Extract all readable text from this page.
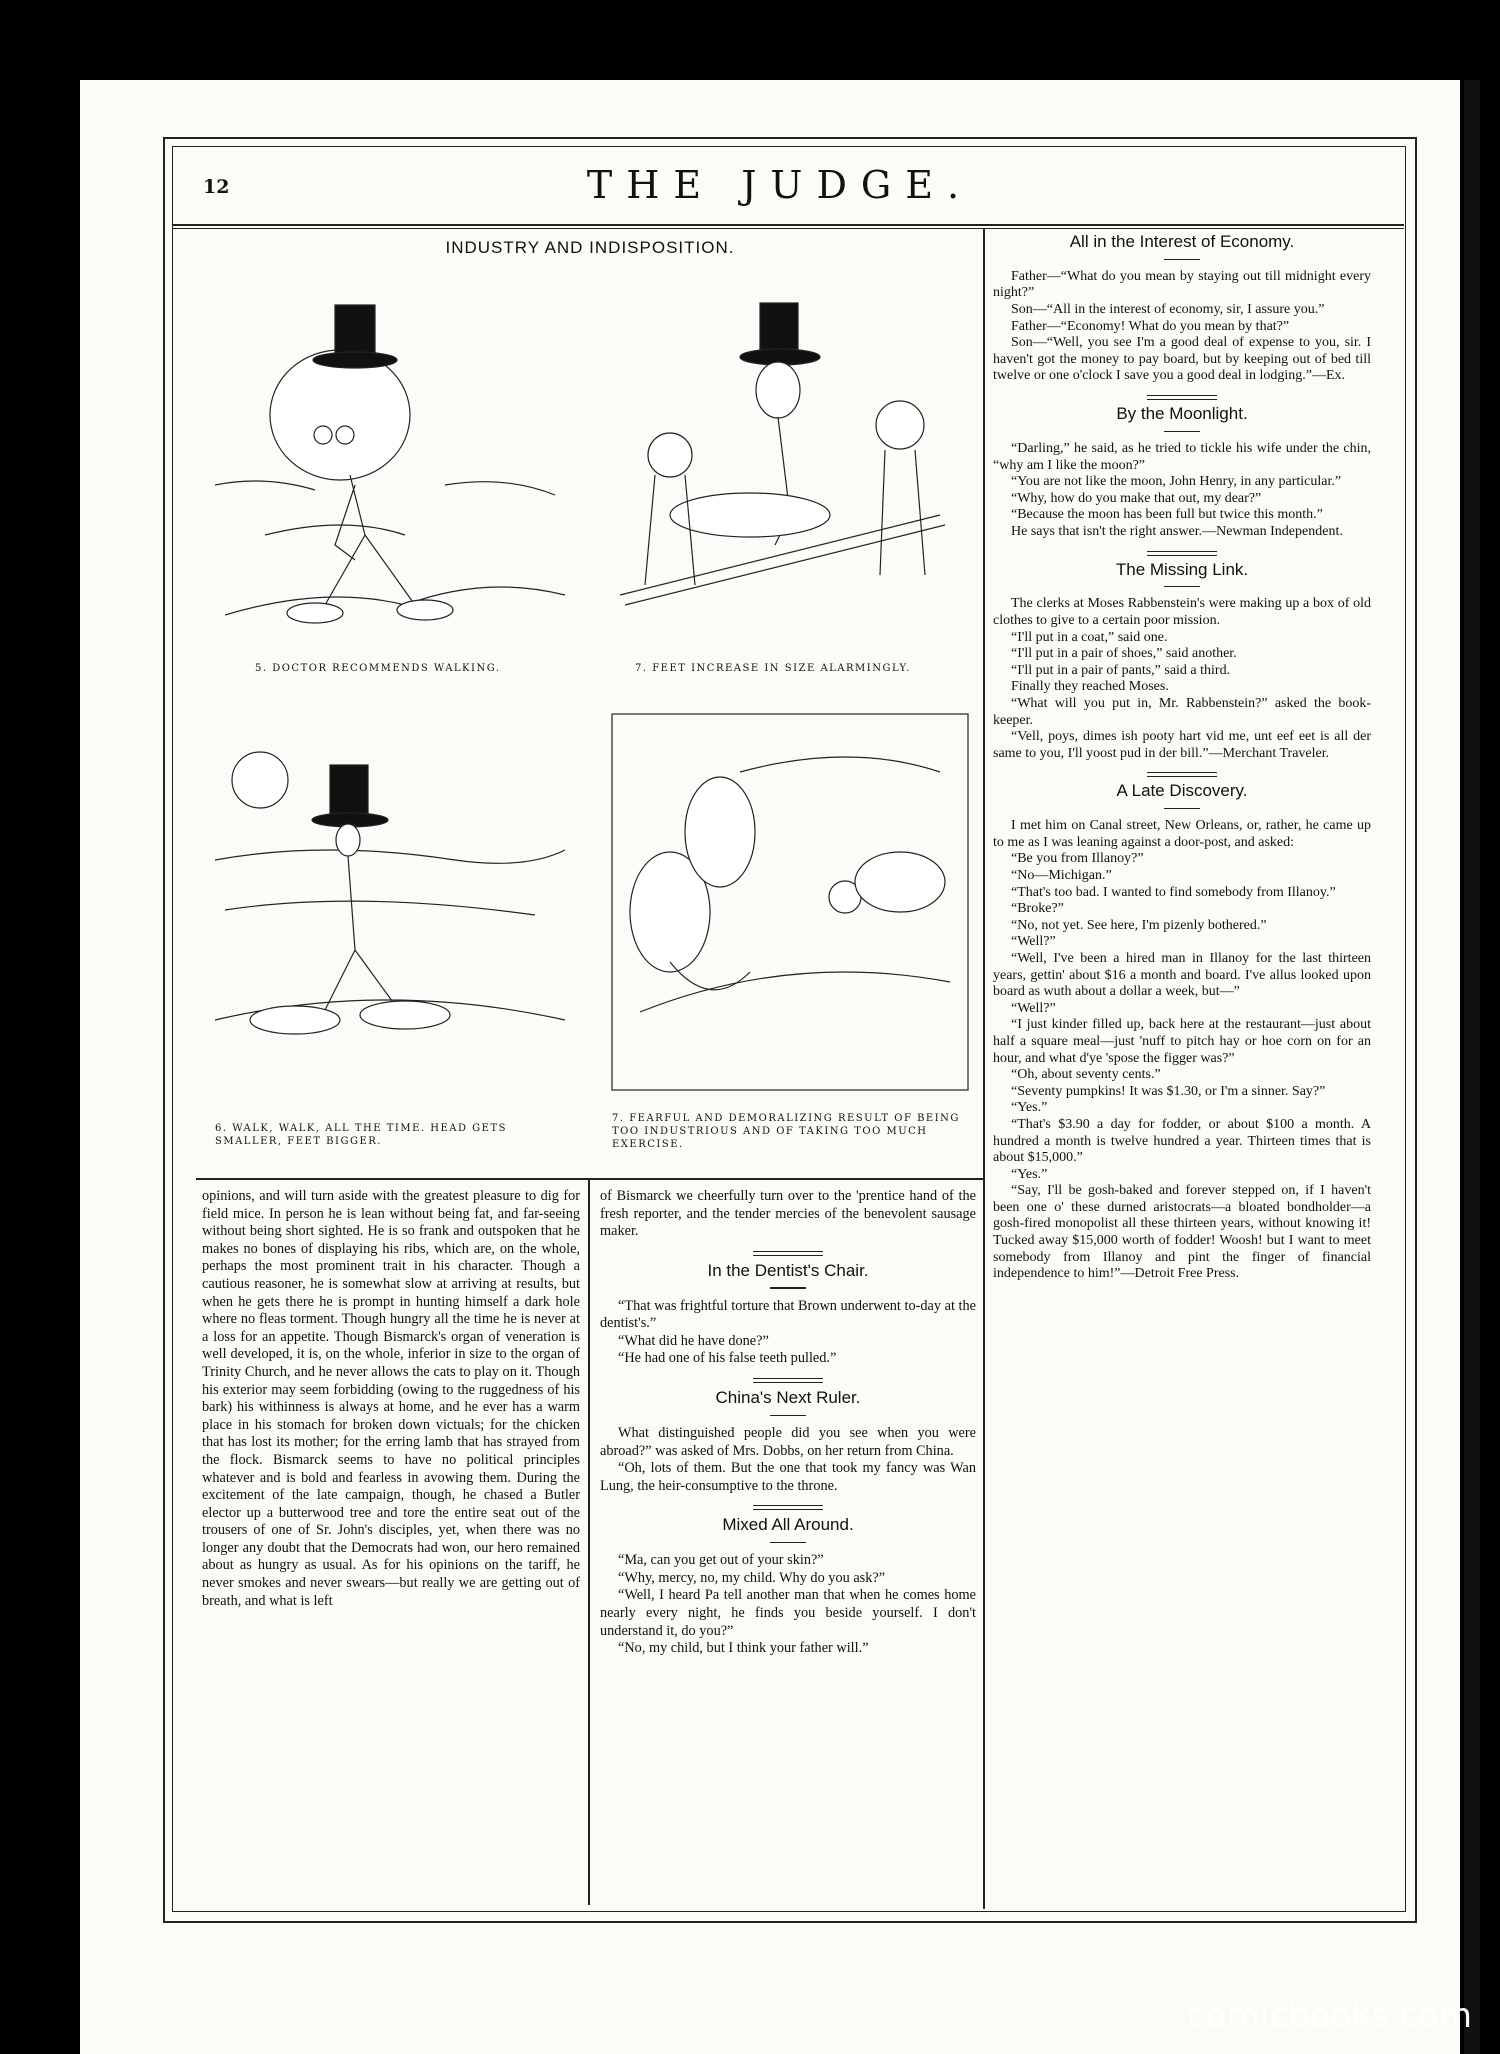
12	THE JUDGE.
INDUSTRY AND INDISPOSITION.
5. DOCTOR RECOMMENDS WALKING.	7. FEET INCREASE IN SIZE ALARMINGLY.
6. WALK, WALK, ALL THE TIME. HEAD GETS SMALLER, FEET BIGGER.
7. FEARFUL AND DEMORALIZING RESULT OF BEING TOO INDUSTRIOUS AND OF TAKING TOO MUCH EXERCISE.

opinions, and will turn aside with the greatest pleasure to dig for field mice. In person he is lean without being fat, and far-seeing without being short sighted. He is so frank and outspoken that he makes no bones of displaying his ribs, which are, on the whole, perhaps the most prominent trait in his character. Though a cautious reasoner, he is somewhat slow at arriving at results, but when he gets there he is prompt in hunting himself a dark hole where no fleas torment. Though hungry all the time he is never at a loss for an appetite. Though Bismarck's organ of veneration is well developed, it is, on the whole, inferior in size to the organ of Trinity Church, and he never allows the cats to play on it. Though his exterior may seem forbidding (owing to the ruggedness of his bark) his withinness is always at home, and he ever has a warm place in his stomach for broken down victuals; for the chicken that has lost its mother; for the erring lamb that has strayed from the flock. Bismarck seems to have no political principles whatever and is bold and fearless in avowing them. During the excitement of the late campaign, though, he chased a Butler elector up a butterwood tree and tore the entire seat out of the trousers of one of Sr. John's disciples, yet, when there was no longer any doubt that the Democrats had won, our hero remained about as hungry as usual. As for his opinions on the tariff, he never smokes and never swears—but really we are getting out of breath, and what is left

of Bismarck we cheerfully turn over to the 'prentice hand of the fresh reporter, and the tender mercies of the benevolent sausage maker.

In the Dentist's Chair.

“That was frightful torture that Brown underwent to-day at the dentist's.”

“What did he have done?”

“He had one of his false teeth pulled.”

China's Next Ruler.

What distinguished people did you see when you were abroad?” was asked of Mrs. Dobbs, on her return from China.

“Oh, lots of them. But the one that took my fancy was Wan Lung, the heir-consumptive to the throne.

Mixed All Around.

“Ma, can you get out of your skin?”

“Why, mercy, no, my child. Why do you ask?”

“Well, I heard Pa tell another man that when he comes home nearly every night, he finds you beside yourself. I don't understand it, do you?”

“No, my child, but I think your father will.”

All in the Interest of Economy.

Father—“What do you mean by staying out till midnight every night?”

Son—“All in the interest of economy, sir, I assure you.”

Father—“Economy! What do you mean by that?”

Son—“Well, you see I'm a good deal of expense to you, sir. I haven't got the money to pay board, but by keeping out of bed till twelve or one o'clock I save you a good deal in lodging.”—Ex.

By the Moonlight.

“Darling,” he said, as he tried to tickle his wife under the chin, “why am I like the moon?”

“You are not like the moon, John Henry, in any particular.”

“Why, how do you make that out, my dear?”

“Because the moon has been full but twice this month.”

He says that isn't the right answer.—Newman Independent.

The Missing Link.

The clerks at Moses Rabbenstein's were making up a box of old clothes to give to a certain poor mission.

“I'll put in a coat,” said one.

“I'll put in a pair of shoes,” said another.

“I'll put in a pair of pants,” said a third.

Finally they reached Moses.

“What will you put in, Mr. Rabbenstein?” asked the book-keeper.

“Vell, poys, dimes ish pooty hart vid me, unt eef eet is all der same to you, I'll yoost pud in der bill.”—Merchant Traveler.

A Late Discovery.

I met him on Canal street, New Orleans, or, rather, he came up to me as I was leaning against a door-post, and asked:

“Be you from Illanoy?”

“No—Michigan.”

“That's too bad. I wanted to find somebody from Illanoy.”

“Broke?”

“No, not yet. See here, I'm pizenly bothered.”

“Well?”

“Well, I've been a hired man in Illanoy for the last thirteen years, gettin' about $16 a month and board. I've allus looked upon board as wuth about a dollar a week, but—”

“Well?”

“I just kinder filled up, back here at the restaurant—just about half a square meal—just 'nuff to pitch hay or hoe corn on for an hour, and what d'ye 'spose the figger was?”

“Oh, about seventy cents.”

“Seventy pumpkins! It was $1.30, or I'm a sinner. Say?”

“Yes.”

“That's $3.90 a day for fodder, or about $100 a month. A hundred a month is twelve hundred a year. Thirteen times that is about $15,000.”

“Yes.”

“Say, I'll be gosh-baked and forever stepped on, if I haven't been one o' these durned aristocrats—a bloated bondholder—a gosh-fired monopolist all these thirteen years, without knowing it! Tucked away $15,000 worth of fodder! Woosh! but I want to meet somebody from Illanoy and pint the finger of financial independence to him!”—Detroit Free Press.

comicbooks.com
